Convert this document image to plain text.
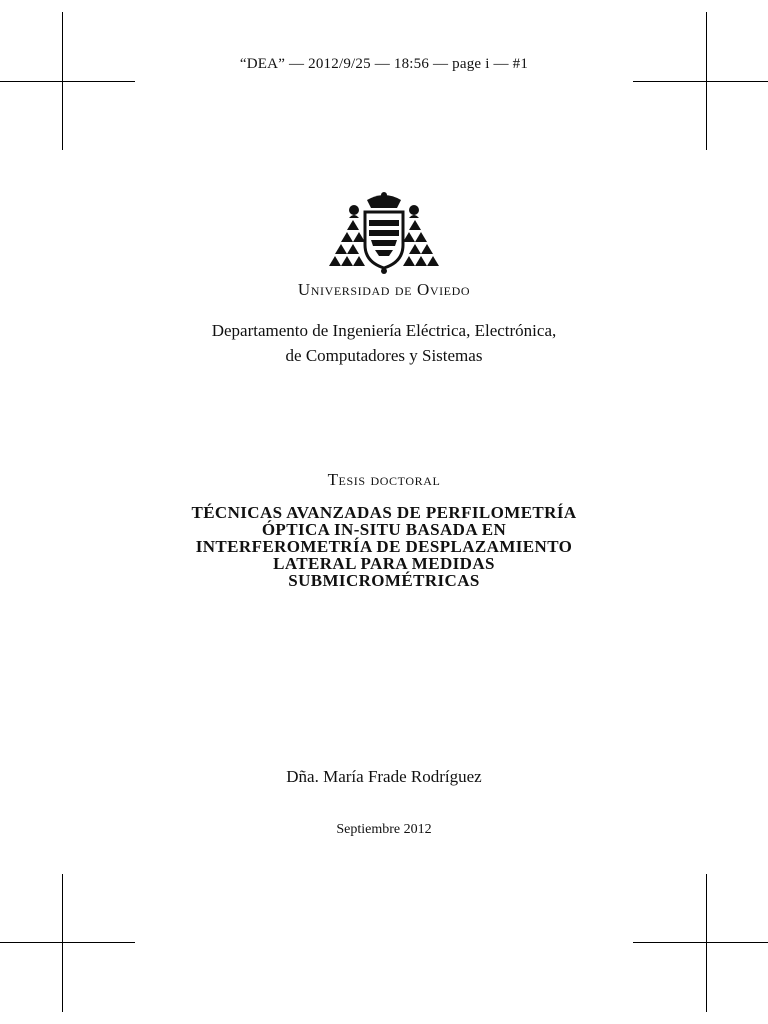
“DEA” — 2012/9/25 — 18:56 — page i — #1
Universidad de Oviedo
Departamento de Ingeniería Eléctrica, Electrónica,
de Computadores y Sistemas
Tesis doctoral
TÉCNICAS AVANZADAS DE PERFILOMETRÍA
ÓPTICA IN-SITU BASADA EN
INTERFEROMETRÍA DE DESPLAZAMIENTO
LATERAL PARA MEDIDAS
SUBMICROMÉTRICAS
Dña. María Frade Rodríguez
Septiembre 2012
